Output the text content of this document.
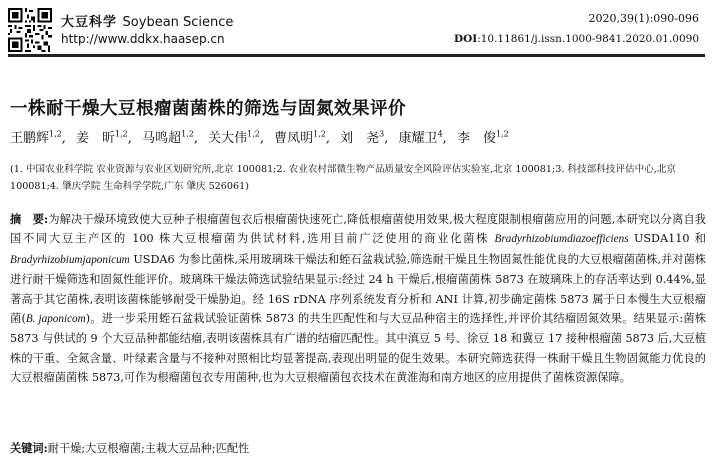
大豆科学 Soybean Science
http://www.ddkx.haasep.cn
2020,39(1):090-096
DOI:10.11861/j.issn.1000-9841.2020.01.0090
一株耐干燥大豆根瘤菌菌株的筛选与固氮效果评价
王鹏辉$^{1,2}$, 姜　昕$^{1,2}$, 马鸣超$^{1,2}$, 关大伟$^{1,2}$, 曹凤明$^{1,2}$, 刘　尧$^3$, 康耀卫$^4$, 李　俊$^{1,2}$
(1. 中国农业科学院 农业资源与农业区划研究所,北京 100081;2. 农业农村部微生物产品质量安全风险评估实验室,北京 100081;3. 科技部科技评估中心,北京 100081;4. 肇庆学院 生命科学学院,广东 肇庆 526061)
摘　要:为解决干燥环境致使大豆种子根瘤菌包衣后根瘤菌快速死亡,降低根瘤菌使用效果,极大程度限制根瘤菌应用的问题,本研究以分离自我国不同大豆主产区的 100 株大豆根瘤菌为供试材料,选用目前广泛使用的商业化菌株 Bradyrhizobiumdiazoefficiens USDA110 和 Bradyrhizobiumjaponicum USDA6 为参比菌株,采用玻璃珠干燥法和蛭石盆栽试验,筛选耐干燥且生物固氮性能优良的大豆根瘤菌菌株,并对菌株进行耐干燥筛选和固氮性能评价。玻璃珠干燥法筛选试验结果显示:经过 24 h 干燥后,根瘤菌菌株 5873 在玻璃珠上的存活率达到 0.44%,显著高于其它菌株,表明该菌株能够耐受干燥胁迫。经 16S rDNA 序列系统发育分析和 ANI 计算,初步确定菌株 5873 属于日本慢生大豆根瘤菌(B. japonicom)。进一步采用蛭石盆栽试验证菌株 5873 的共生匹配性和与大豆品种宿主的选择性,并评价其结瘤固氮效果。结果显示:菌株 5873 与供试的 9 个大豆品种都能结瘤,表明该菌株具有广谱的结瘤匹配性。其中滇豆 5 号、徐豆 18 和冀豆 17 接种根瘤菌 5873 后,大豆植株的干重、全氮含量、叶绿素含量与不接种对照相比均显著提高,表现出明显的促生效果。本研究筛选获得一株耐干燥且生物固氮能力优良的大豆根瘤菌菌株 5873,可作为根瘤菌包衣专用菌种,也为大豆根瘤菌包衣技术在黄淮海和南方地区的应用提供了菌株资源保障。
关键词:耐干燥;大豆根瘤菌;主栽大豆品种;匹配性
